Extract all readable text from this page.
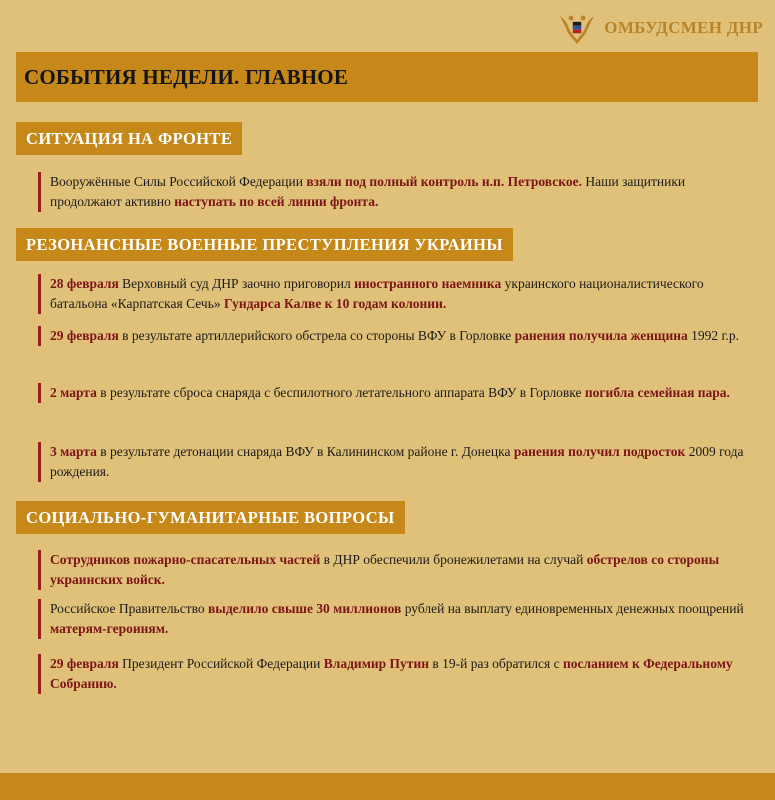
ОМБУДСМЕН ДНР
СОБЫТИЯ НЕДЕЛИ. ГЛАВНОЕ
СИТУАЦИЯ НА ФРОНТЕ
Вооружённые Силы Российской Федерации взяли под полный контроль н.п. Петровское. Наши защитники продолжают активно наступать по всей линии фронта.
РЕЗОНАНСНЫЕ ВОЕННЫЕ ПРЕСТУПЛЕНИЯ УКРАИНЫ
28 февраля Верховный суд ДНР заочно приговорил иностранного наемника украинского националистического батальона «Карпатская Сечь» Гундарса Калве к 10 годам колонии.
29 февраля в результате артиллерийского обстрела со стороны ВФУ в Горловке ранения получила женщина 1992 г.р.
2 марта в результате сброса снаряда с беспилотного летательного аппарата ВФУ в Горловке погибла семейная пара.
3 марта в результате детонации снаряда ВФУ в Калининском районе г. Донецка ранения получил подросток 2009 года рождения.
СОЦИАЛЬНО-ГУМАНИТАРНЫЕ ВОПРОСЫ
Сотрудников пожарно-спасательных частей в ДНР обеспечили бронежилетами на случай обстрелов со стороны украинских войск.
Российское Правительство выделило свыше 30 миллионов рублей на выплату единовременных денежных поощрений матерям-героиням.
29 февраля Президент Российской Федерации Владимир Путин в 19-й раз обратился с посланием к Федеральному Собранию.
